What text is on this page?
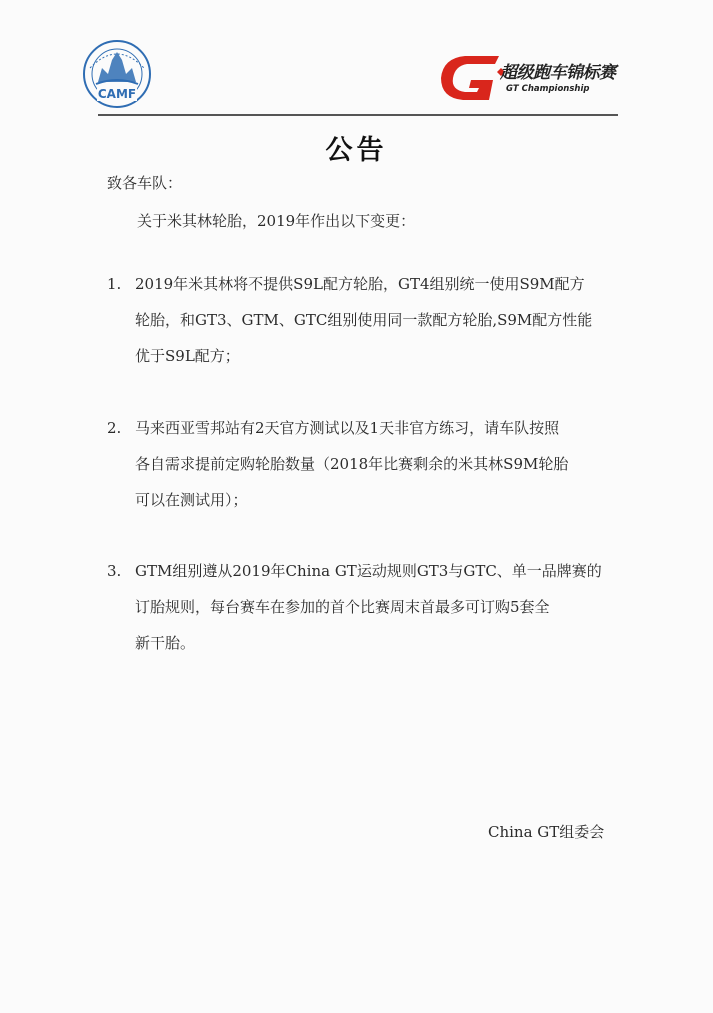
CAMF
超级跑车锦标赛
GT Championship
公告
致各车队：
关于米其林轮胎，2019年作出以下变更：
1. 2019年米其林将不提供S9L配方轮胎，GT4组别统一使用S9M配方
轮胎，和GT3、GTM、GTC组别使用同一款配方轮胎,S9M配方性能
优于S9L配方；
2. 马来西亚雪邦站有2天官方测试以及1天非官方练习，请车队按照
各自需求提前定购轮胎数量（2018年比赛剩余的米其林S9M轮胎
可以在测试用）；
3. GTM组别遵从2019年China GT运动规则GT3与GTC、单一品牌赛的
订胎规则，每台赛车在参加的首个比赛周末首最多可订购5套全
新干胎。
China GT组委会
